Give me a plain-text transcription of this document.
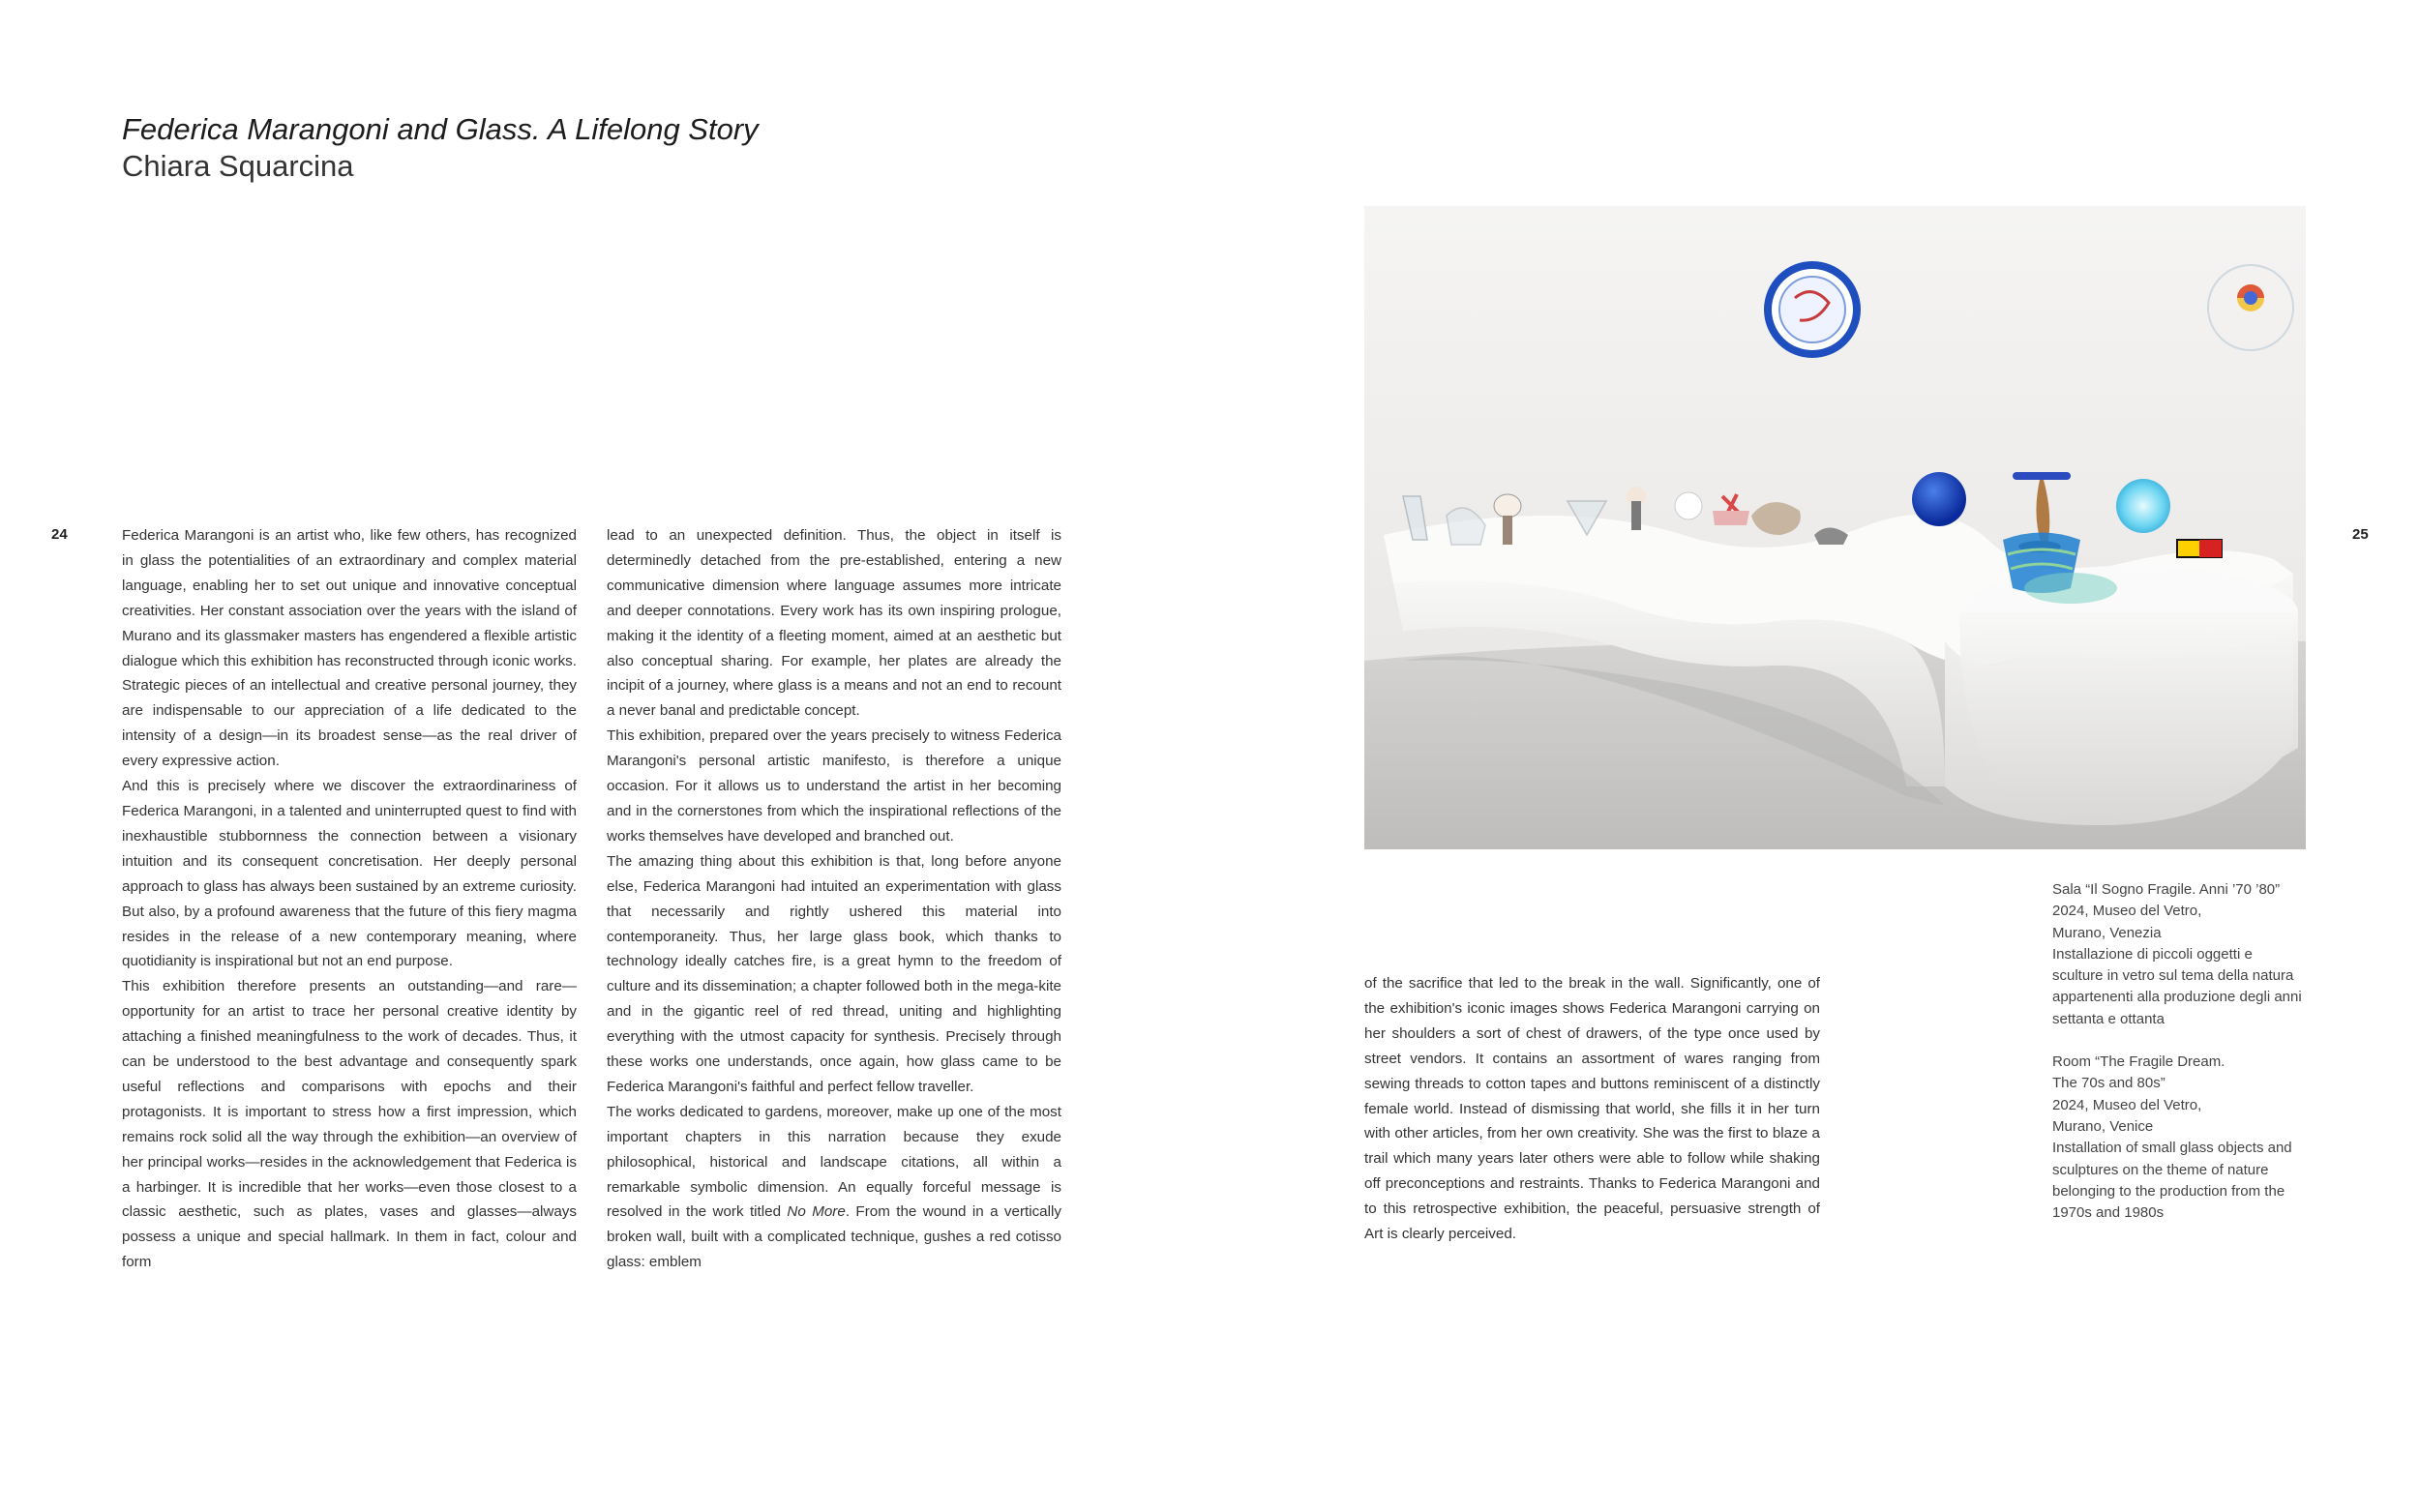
Federica Marangoni and Glass. A Lifelong Story
Chiara Squarcina
24	25

Federica Marangoni is an artist who, like few others, has recognized in glass the potentialities of an extraordinary and complex material language, enabling her to set out unique and innovative conceptual creativities. Her constant association over the years with the island of Murano and its glassmaker masters has engendered a flexible artistic dialogue which this exhibition has reconstructed through iconic works. Strategic pieces of an intellectual and creative personal journey, they are indispensable to our appreciation of a life dedicated to the intensity of a design—in its broadest sense—as the real driver of every expressive action.

And this is precisely where we discover the extraordinariness of Federica Marangoni, in a talented and uninterrupted quest to find with inexhaustible stubbornness the connection between a visionary intuition and its consequent concretisation. Her deeply personal approach to glass has always been sustained by an extreme curiosity. But also, by a profound awareness that the future of this fiery magma resides in the release of a new contemporary meaning, where quotidianity is inspirational but not an end purpose.

This exhibition therefore presents an outstanding—and rare—opportunity for an artist to trace her personal creative identity by attaching a finished meaningfulness to the work of decades. Thus, it can be understood to the best advantage and consequently spark useful reflections and comparisons with epochs and their protagonists. It is important to stress how a first impression, which remains rock solid all the way through the exhibition—an overview of her principal works—resides in the acknowledgement that Federica is a harbinger. It is incredible that her works—even those closest to a classic aesthetic, such as plates, vases and glasses—always possess a unique and special hallmark. In them in fact, colour and form

lead to an unexpected definition. Thus, the object in itself is determinedly detached from the pre-established, entering a new communicative dimension where language assumes more intricate and deeper connotations. Every work has its own inspiring prologue, making it the identity of a fleeting moment, aimed at an aesthetic but also conceptual sharing. For example, her plates are already the incipit of a journey, where glass is a means and not an end to recount a never banal and predictable concept.

This exhibition, prepared over the years precisely to witness Federica Marangoni's personal artistic manifesto, is therefore a unique occasion. For it allows us to understand the artist in her becoming and in the cornerstones from which the inspirational reflections of the works themselves have developed and branched out.

The amazing thing about this exhibition is that, long before anyone else, Federica Marangoni had intuited an experimentation with glass that necessarily and rightly ushered this material into contemporaneity. Thus, her large glass book, which thanks to technology ideally catches fire, is a great hymn to the freedom of culture and its dissemination; a chapter followed both in the mega-kite and in the gigantic reel of red thread, uniting and highlighting everything with the utmost capacity for synthesis. Precisely through these works one understands, once again, how glass came to be Federica Marangoni's faithful and perfect fellow traveller.

The works dedicated to gardens, moreover, make up one of the most important chapters in this narration because they exude philosophical, historical and landscape citations, all within a remarkable symbolic dimension. An equally forceful message is resolved in the work titled No More. From the wound in a vertically broken wall, built with a complicated technique, gushes a red cotisso glass: emblem

of the sacrifice that led to the break in the wall. Significantly, one of the exhibition's iconic images shows Federica Marangoni carrying on her shoulders a sort of chest of drawers, of the type once used by street vendors. It contains an assortment of wares ranging from sewing threads to cotton tapes and buttons reminiscent of a distinctly female world. Instead of dismissing that world, she fills it in her turn with other articles, from her own creativity. She was the first to blaze a trail which many years later others were able to follow while shaking off preconceptions and restraints. Thanks to Federica Marangoni and to this retrospective exhibition, the peaceful, persuasive strength of Art is clearly perceived.

Sala “Il Sogno Fragile. Anni ’70 ’80”

2024, Museo del Vetro,

Murano, Venezia

Installazione di piccoli oggetti e sculture in vetro sul tema della natura appartenenti alla produzione degli anni settanta e ottanta

Room “The Fragile Dream.

The 70s and 80s”

2024, Museo del Vetro,

Murano, Venice

Installation of small glass objects and sculptures on the theme of nature belonging to the production from the 1970s and 1980s
